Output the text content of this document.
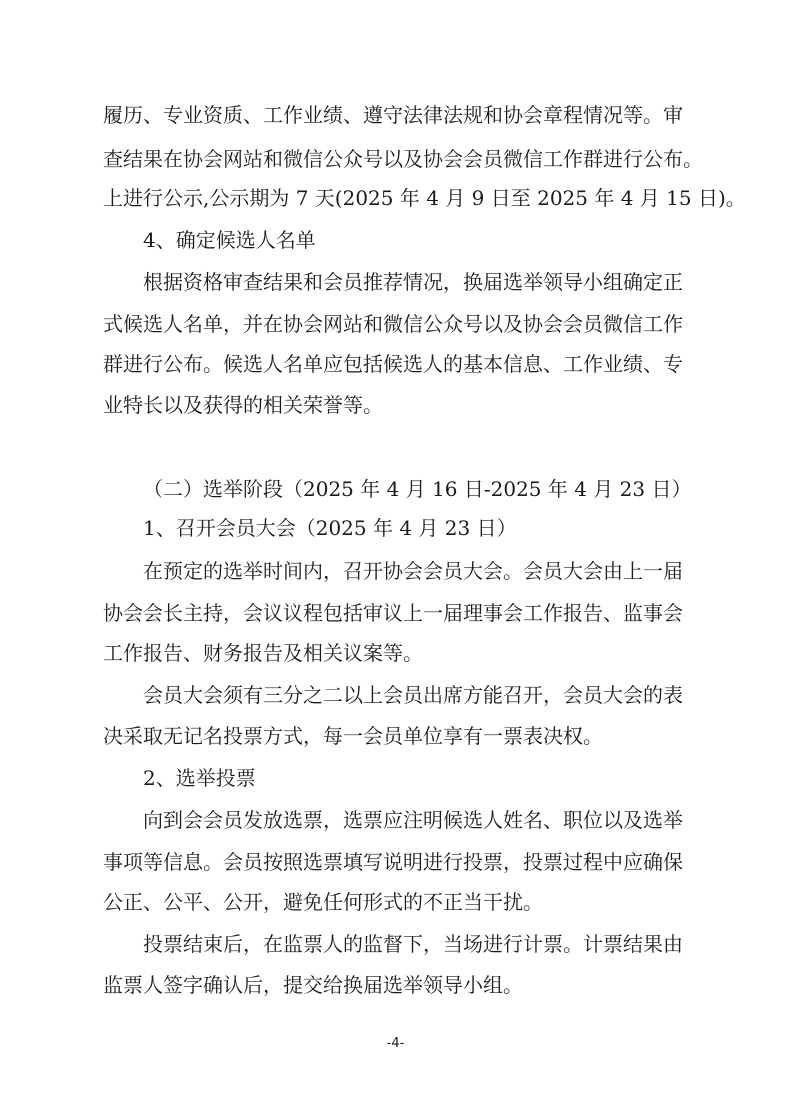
履历、专业资质、工作业绩、遵守法律法规和协会章程情况等。审
查结果在协会网站和微信公众号以及协会会员微信工作群进行公布。
上进行公示,公示期为 7 天(2025 年 4 月 9 日至 2025 年 4 月 15 日)。
4、确定候选人名单
根据资格审查结果和会员推荐情况，换届选举领导小组确定正
式候选人名单，并在协会网站和微信公众号以及协会会员微信工作
群进行公布。候选人名单应包括候选人的基本信息、工作业绩、专
业特长以及获得的相关荣誉等。
（二）选举阶段（2025 年 4 月 16 日-2025 年 4 月 23 日）
1、召开会员大会（2025 年 4 月 23 日）
在预定的选举时间内，召开协会会员大会。会员大会由上一届
协会会长主持，会议议程包括审议上一届理事会工作报告、监事会
工作报告、财务报告及相关议案等。
会员大会须有三分之二以上会员出席方能召开，会员大会的表
决采取无记名投票方式，每一会员单位享有一票表决权。
2、选举投票
向到会会员发放选票，选票应注明候选人姓名、职位以及选举
事项等信息。会员按照选票填写说明进行投票，投票过程中应确保
公正、公平、公开，避免任何形式的不正当干扰。
投票结束后，在监票人的监督下，当场进行计票。计票结果由
监票人签字确认后，提交给换届选举领导小组。
-4-
